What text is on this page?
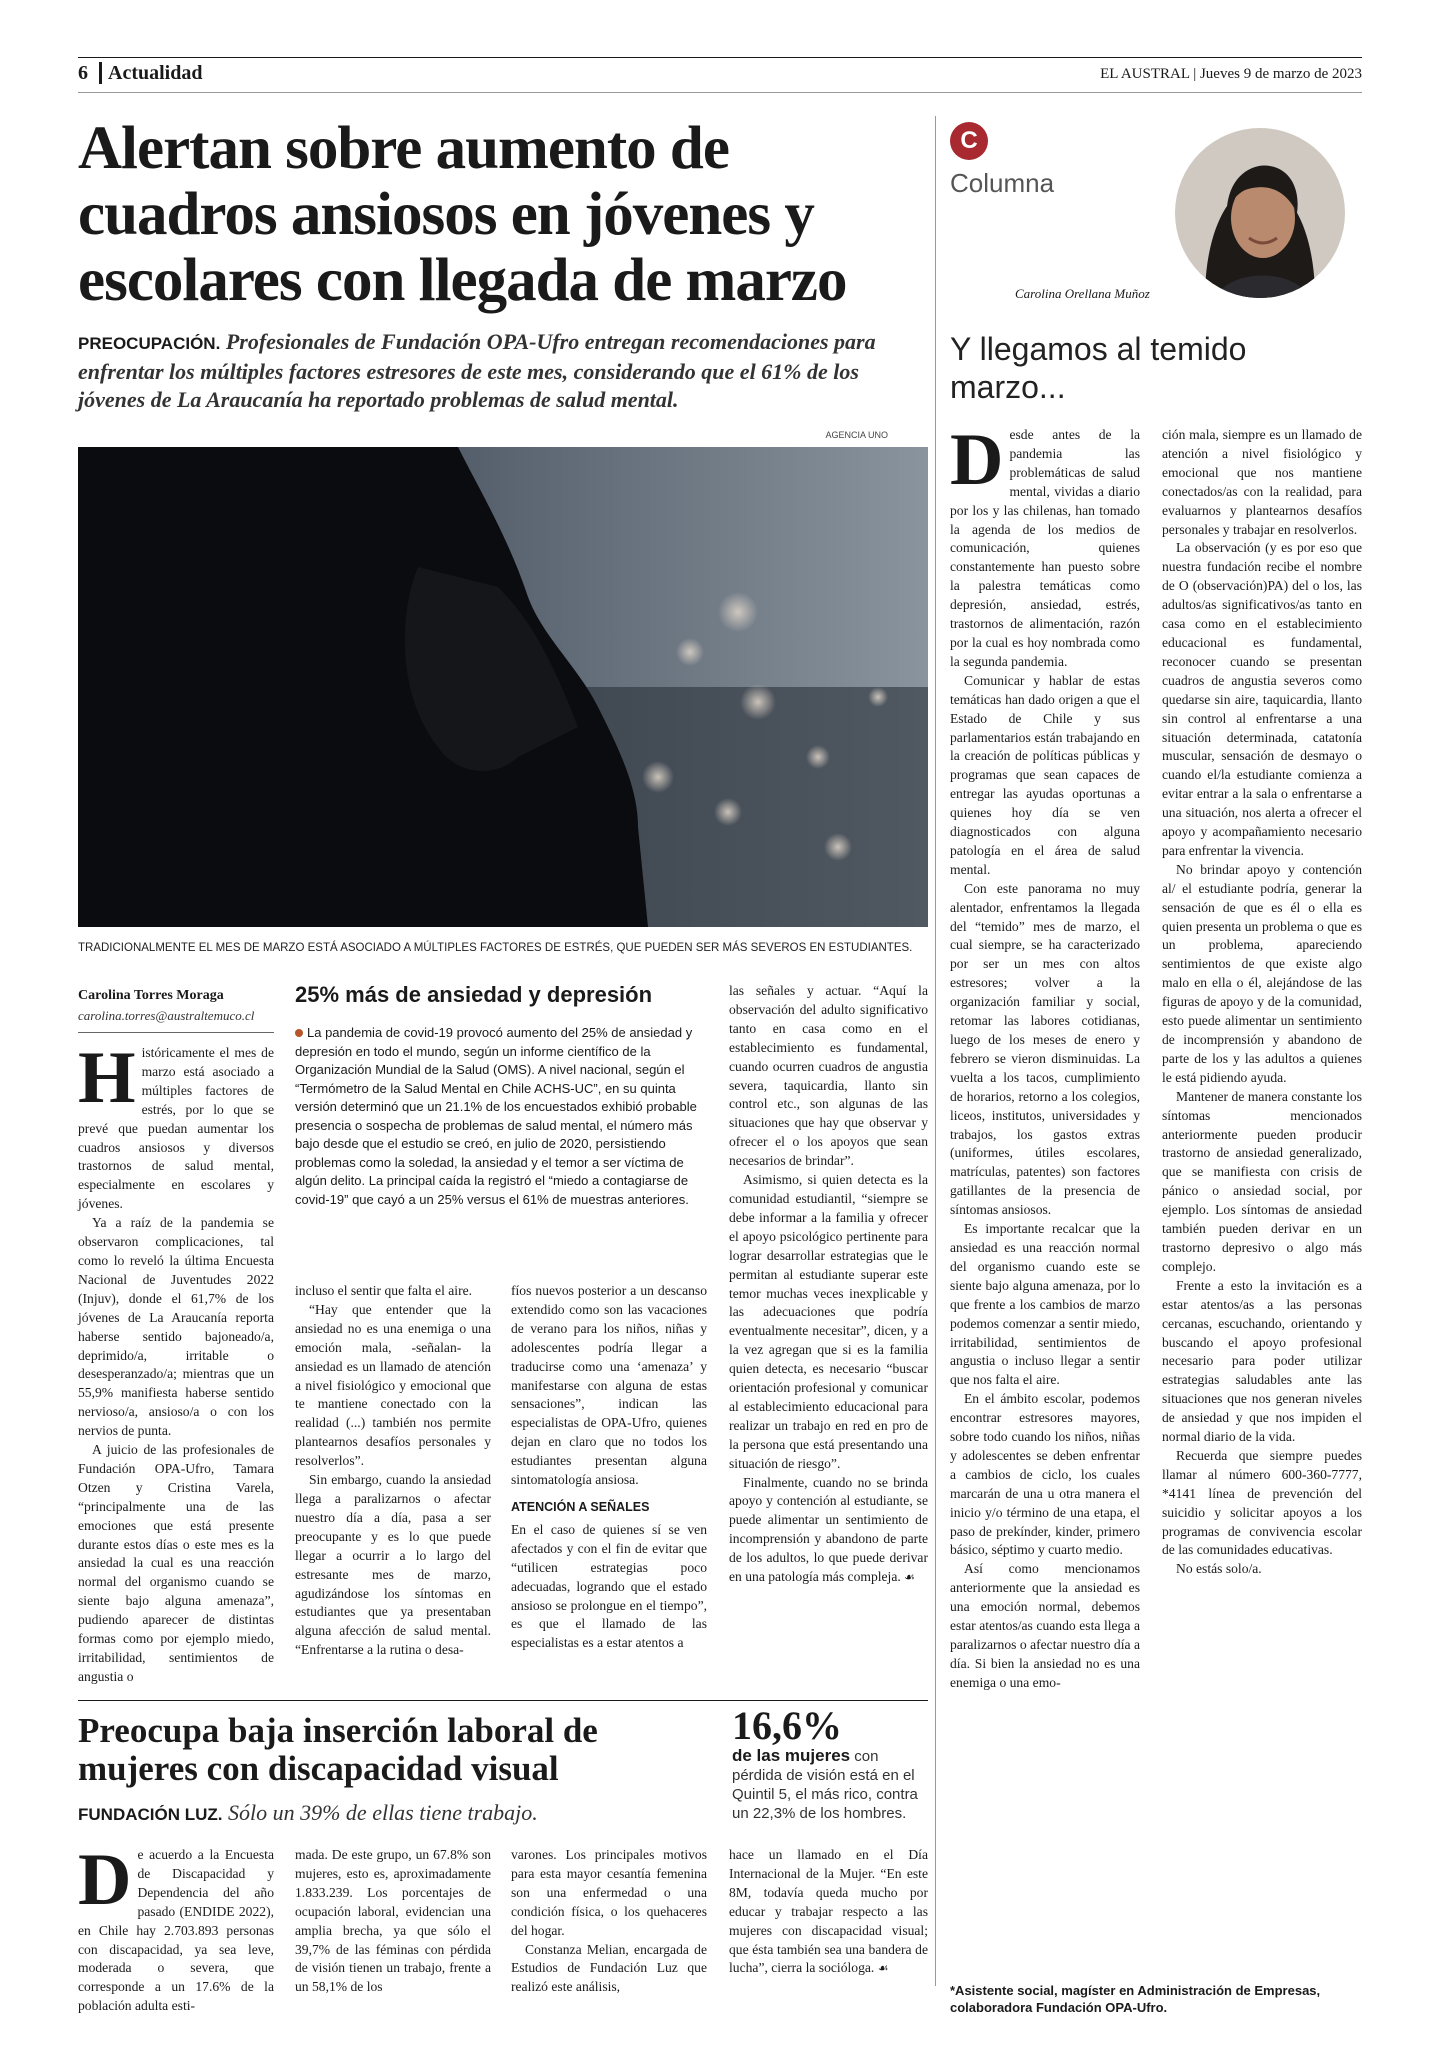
6 Actualidad	EL AUSTRAL | Jueves 9 de marzo de 2023
Alertan sobre aumento de cuadros ansiosos en jóvenes y escolares con llegada de marzo
PREOCUPACIÓN. Profesionales de Fundación OPA-Ufro entregan recomendaciones para enfrentar los múltiples factores estresores de este mes, considerando que el 61% de los jóvenes de La Araucanía ha reportado problemas de salud mental.
AGENCIA UNO
TRADICIONALMENTE EL MES DE MARZO ESTÁ ASOCIADO A MÚLTIPLES FACTORES DE ESTRÉS, QUE PUEDEN SER MÁS SEVEROS EN ESTUDIANTES.
Carolina Torres Moraga
carolina.torres@australtemuco.cl

Históricamente el mes de marzo está asociado a múltiples factores de estrés, por lo que se prevé que puedan aumentar los cuadros ansiosos y diversos trastornos de salud mental, especialmente en escolares y jóvenes.

Ya a raíz de la pandemia se observaron complicaciones, tal como lo reveló la última Encuesta Nacional de Juventudes 2022 (Injuv), donde el 61,7% de los jóvenes de La Araucanía reporta haberse sentido bajoneado/a, deprimido/a, irritable o desesperanzado/a; mientras que un 55,9% manifiesta haberse sentido nervioso/a, ansioso/a o con los nervios de punta.

A juicio de las profesionales de Fundación OPA-Ufro, Tamara Otzen y Cristina Varela, “principalmente una de las emociones que está presente durante estos días o este mes es la ansiedad la cual es una reacción normal del organismo cuando se siente bajo alguna amenaza”, pudiendo aparecer de distintas formas como por ejemplo miedo, irritabilidad, sentimientos de angustia o

25% más de ansiedad y depresión
La pandemia de covid-19 provocó aumento del 25% de ansiedad y depresión en todo el mundo, según un informe científico de la Organización Mundial de la Salud (OMS). A nivel nacional, según el “Termómetro de la Salud Mental en Chile ACHS-UC”, en su quinta versión determinó que un 21.1% de los encuestados exhibió probable presencia o sospecha de problemas de salud mental, el número más bajo desde que el estudio se creó, en julio de 2020, persistiendo problemas como la soledad, la ansiedad y el temor a ser víctima de algún delito. La principal caída la registró el “miedo a contagiarse de covid-19” que cayó a un 25% versus el 61% de muestras anteriores.

incluso el sentir que falta el aire.

“Hay que entender que la ansiedad no es una enemiga o una emoción mala, -señalan- la ansiedad es un llamado de atención a nivel fisiológico y emocional que te mantiene conectado con la realidad (...) también nos permite plantearnos desafíos personales y resolverlos”.

Sin embargo, cuando la ansiedad llega a paralizarnos o afectar nuestro día a día, pasa a ser preocupante y es lo que puede llegar a ocurrir a lo largo del estresante mes de marzo, agudizándose los síntomas en estudiantes que ya presentaban alguna afección de salud mental. “Enfrentarse a la rutina o desa-

fíos nuevos posterior a un descanso extendido como son las vacaciones de verano para los niños, niñas y adolescentes podría llegar a traducirse como una ‘amenaza’ y manifestarse con alguna de estas sensaciones”, indican las especialistas de OPA-Ufro, quienes dejan en claro que no todos los estudiantes presentan alguna sintomatología ansiosa.

ATENCIÓN A SEÑALES

En el caso de quienes sí se ven afectados y con el fin de evitar que “utilicen estrategias poco adecuadas, logrando que el estado ansioso se prolongue en el tiempo”, es que el llamado de las especialistas es a estar atentos a

las señales y actuar. “Aquí la observación del adulto significativo tanto en casa como en el establecimiento es fundamental, cuando ocurren cuadros de angustia severa, taquicardia, llanto sin control etc., son algunas de las situaciones que hay que observar y ofrecer el o los apoyos que sean necesarios de brindar”.

Asimismo, si quien detecta es la comunidad estudiantil, “siempre se debe informar a la familia y ofrecer el apoyo psicológico pertinente para lograr desarrollar estrategias que le permitan al estudiante superar este temor muchas veces inexplicable y las adecuaciones que podría eventualmente necesitar”, dicen, y a la vez agregan que si es la familia quien detecta, es necesario “buscar orientación profesional y comunicar al establecimiento educacional para realizar un trabajo en red en pro de la persona que está presentando una situación de riesgo”.

Finalmente, cuando no se brinda apoyo y contención al estudiante, se puede alimentar un sentimiento de incomprensión y abandono de parte de los adultos, lo que puede derivar en una patología más compleja. ☙

Preocupa baja inserción laboral de mujeres con discapacidad visual
FUNDACIÓN LUZ. Sólo un 39% de ellas tiene trabajo.
16,6%
de las mujeres con pérdida de visión está en el Quintil 5, el más rico, contra un 22,3% de los hombres.

De acuerdo a la Encuesta de Discapacidad y Dependencia del año pasado (ENDIDE 2022), en Chile hay 2.703.893 personas con discapacidad, ya sea leve, moderada o severa, que corresponde a un 17.6% de la población adulta esti-

mada. De este grupo, un 67.8% son mujeres, esto es, aproximadamente 1.833.239. Los porcentajes de ocupación laboral, evidencian una amplia brecha, ya que sólo el 39,7% de las féminas con pérdida de visión tienen un trabajo, frente a un 58,1% de los

varones. Los principales motivos para esta mayor cesantía femenina son una enfermedad o una condición física, o los quehaceres del hogar.

Constanza Melian, encargada de Estudios de Fundación Luz que realizó este análisis,

hace un llamado en el Día Internacional de la Mujer. “En este 8M, todavía queda mucho por educar y trabajar respecto a las mujeres con discapacidad visual; que ésta también sea una bandera de lucha”, cierra la socióloga. ☙

C
Columna
Carolina Orellana Muñoz
Y llegamos al temido marzo...

Desde antes de la pandemia las problemáticas de salud mental, vividas a diario por los y las chilenas, han tomado la agenda de los medios de comunicación, quienes constantemente han puesto sobre la palestra temáticas como depresión, ansiedad, estrés, trastornos de alimentación, razón por la cual es hoy nombrada como la segunda pandemia.

Comunicar y hablar de estas temáticas han dado origen a que el Estado de Chile y sus parlamentarios están trabajando en la creación de políticas públicas y programas que sean capaces de entregar las ayudas oportunas a quienes hoy día se ven diagnosticados con alguna patología en el área de salud mental.

Con este panorama no muy alentador, enfrentamos la llegada del “temido” mes de marzo, el cual siempre, se ha caracterizado por ser un mes con altos estresores; volver a la organización familiar y social, retomar las labores cotidianas, luego de los meses de enero y febrero se vieron disminuidas. La vuelta a los tacos, cumplimiento de horarios, retorno a los colegios, liceos, institutos, universidades y trabajos, los gastos extras (uniformes, útiles escolares, matrículas, patentes) son factores gatillantes de la presencia de síntomas ansiosos.

Es importante recalcar que la ansiedad es una reacción normal del organismo cuando este se siente bajo alguna amenaza, por lo que frente a los cambios de marzo podemos comenzar a sentir miedo, irritabilidad, sentimientos de angustia o incluso llegar a sentir que nos falta el aire.

En el ámbito escolar, podemos encontrar estresores mayores, sobre todo cuando los niños, niñas y adolescentes se deben enfrentar a cambios de ciclo, los cuales marcarán de una u otra manera el inicio y/o término de una etapa, el paso de prekínder, kinder, primero básico, séptimo y cuarto medio.

Así como mencionamos anteriormente que la ansiedad es una emoción normal, debemos estar atentos/as cuando esta llega a paralizarnos o afectar nuestro día a día. Si bien la ansiedad no es una enemiga o una emo-

ción mala, siempre es un llamado de atención a nivel fisiológico y emocional que nos mantiene conectados/as con la realidad, para evaluarnos y plantearnos desafíos personales y trabajar en resolverlos.

La observación (y es por eso que nuestra fundación recibe el nombre de O (observación)PA) del o los, las adultos/as significativos/as tanto en casa como en el establecimiento educacional es fundamental, reconocer cuando se presentan cuadros de angustia severos como quedarse sin aire, taquicardia, llanto sin control al enfrentarse a una situación determinada, catatonía muscular, sensación de desmayo o cuando el/la estudiante comienza a evitar entrar a la sala o enfrentarse a una situación, nos alerta a ofrecer el apoyo y acompañamiento necesario para enfrentar la vivencia.

No brindar apoyo y contención al/ el estudiante podría, generar la sensación de que es él o ella es quien presenta un problema o que es un problema, apareciendo sentimientos de que existe algo malo en ella o él, alejándose de las figuras de apoyo y de la comunidad, esto puede alimentar un sentimiento de incomprensión y abandono de parte de los y las adultos a quienes le está pidiendo ayuda.

Mantener de manera constante los síntomas mencionados anteriormente pueden producir trastorno de ansiedad generalizado, que se manifiesta con crisis de pánico o ansiedad social, por ejemplo. Los síntomas de ansiedad también pueden derivar en un trastorno depresivo o algo más complejo.

Frente a esto la invitación es a estar atentos/as a las personas cercanas, escuchando, orientando y buscando el apoyo profesional necesario para poder utilizar estrategias saludables ante las situaciones que nos generan niveles de ansiedad y que nos impiden el normal diario de la vida.

Recuerda que siempre puedes llamar al número 600-360-7777, *4141 línea de prevención del suicidio y solicitar apoyos a los programas de convivencia escolar de las comunidades educativas.

No estás solo/a.

*Asistente social, magíster en Administración de Empresas, colaboradora Fundación OPA-Ufro.
